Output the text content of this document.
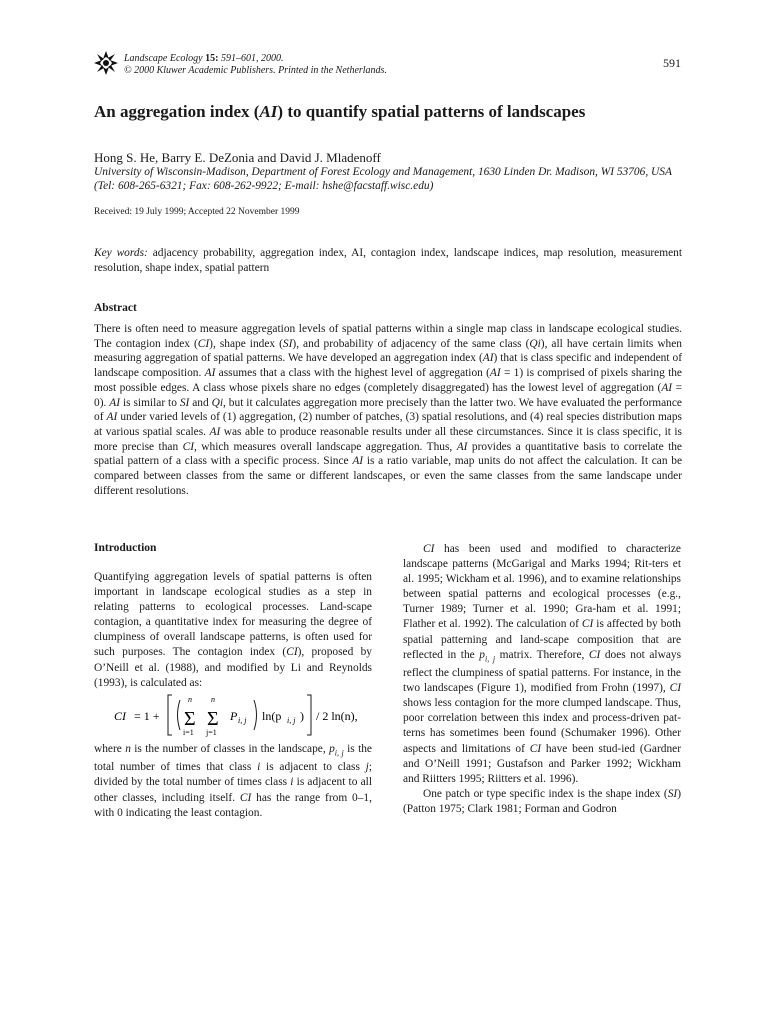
Landscape Ecology 15: 591–601, 2000.
© 2000 Kluwer Academic Publishers. Printed in the Netherlands.
591
An aggregation index (AI) to quantify spatial patterns of landscapes
Hong S. He, Barry E. DeZonia and David J. Mladenoff
University of Wisconsin-Madison, Department of Forest Ecology and Management, 1630 Linden Dr. Madison, WI 53706, USA (Tel: 608-265-6321; Fax: 608-262-9922; E-mail: hshe@facstaff.wisc.edu)
Received: 19 July 1999; Accepted 22 November 1999
Key words: adjacency probability, aggregation index, AI, contagion index, landscape indices, map resolution, measurement resolution, shape index, spatial pattern
Abstract
There is often need to measure aggregation levels of spatial patterns within a single map class in landscape ecological studies. The contagion index (CI), shape index (SI), and probability of adjacency of the same class (Qi), all have certain limits when measuring aggregation of spatial patterns. We have developed an aggregation index (AI) that is class specific and independent of landscape composition. AI assumes that a class with the highest level of aggregation (AI = 1) is comprised of pixels sharing the most possible edges. A class whose pixels share no edges (completely disaggregated) has the lowest level of aggregation (AI = 0). AI is similar to SI and Qi, but it calculates aggregation more precisely than the latter two. We have evaluated the performance of AI under varied levels of (1) aggregation, (2) number of patches, (3) spatial resolutions, and (4) real species distribution maps at various spatial scales. AI was able to produce reasonable results under all these circumstances. Since it is class specific, it is more precise than CI, which measures overall landscape aggregation. Thus, AI provides a quantitative basis to correlate the spatial pattern of a class with a specific process. Since AI is a ratio variable, map units do not affect the calculation. It can be compared between classes from the same or different landscapes, or even the same classes from the same landscape under different resolutions.
Introduction
Quantifying aggregation levels of spatial patterns is often important in landscape ecological studies as a step in relating patterns to ecological processes. Land-scape contagion, a quantitative index for measuring the degree of clumpiness of overall landscape patterns, is often used for such purposes. The contagion index (CI), proposed by O’Neill et al. (1988), and modified by Li and Reynolds (1993), is calculated as:
CI = 1 +
n n
Σ Σ
i=1 j=1
P i, j ln(p i, j ) / 2 ln(n),
where n is the number of classes in the landscape, $p_{i, j}$ is the total number of times that class i is adjacent to class j; divided by the total number of times class i is adjacent to all other classes, including itself. CI has the range from 0–1, with 0 indicating the least contagion.

CI has been used and modified to characterize landscape patterns (McGarigal and Marks 1994; Rit-ters et al. 1995; Wickham et al. 1996), and to examine relationships between spatial patterns and ecological processes (e.g., Turner 1989; Turner et al. 1990; Gra-ham et al. 1991; Flather et al. 1992). The calculation of CI is affected by both spatial patterning and land-scape composition that are reflected in the $p_{i, j}$ matrix. Therefore, CI does not always reflect the clumpiness of spatial patterns. For instance, in the two landscapes (Figure 1), modified from Frohn (1997), CI shows less contagion for the more clumped landscape. Thus, poor correlation between this index and process-driven pat-terns has sometimes been found (Schumaker 1996). Other aspects and limitations of CI have been stud-ied (Gardner and O’Neill 1991; Gustafson and Parker 1992; Wickham and Riitters 1995; Riitters et al. 1996).

One patch or type specific index is the shape index (SI) (Patton 1975; Clark 1981; Forman and Godron
